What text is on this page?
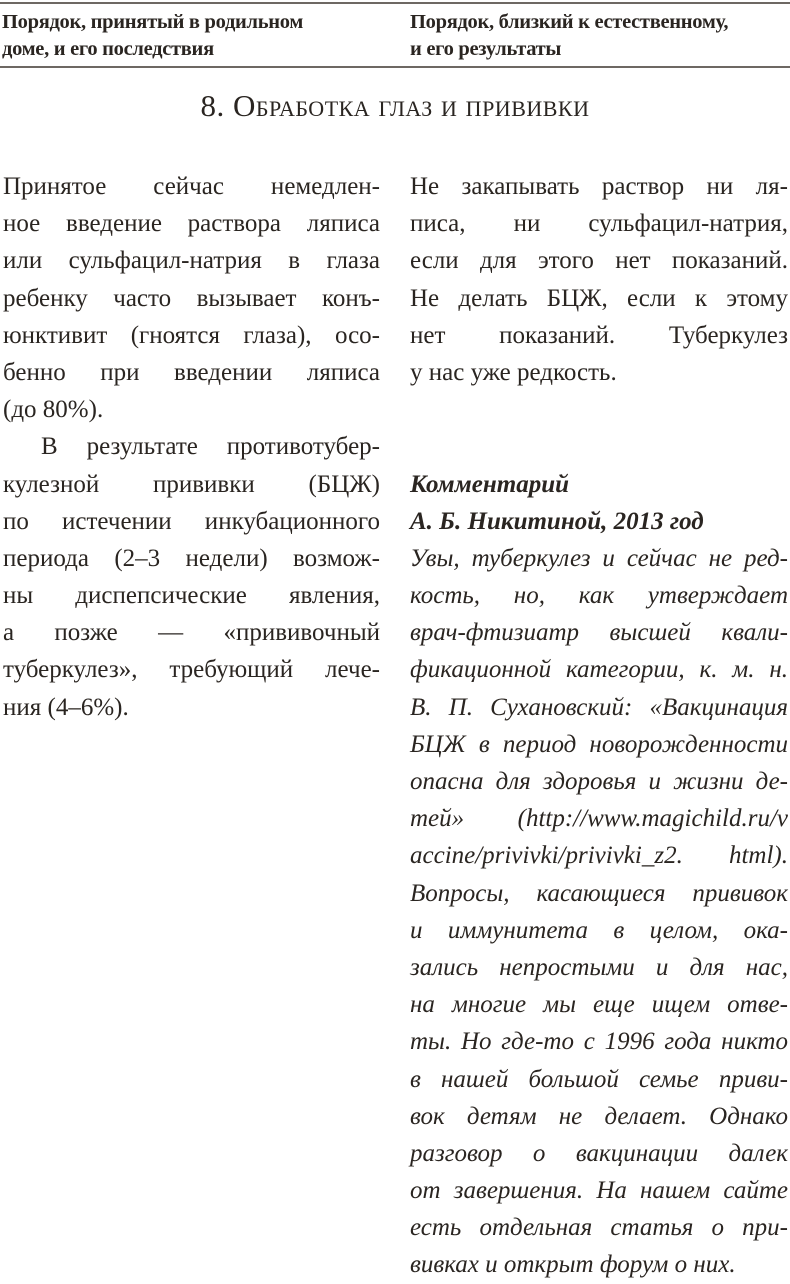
Порядок, принятый в родильном
доме, и его последствия
Порядок, близкий к естественному,
и его результаты
8. Обработка глаз и прививки
Принятое сейчас немедлен-
ное введение раствора ляписа
или сульфацил-натрия в глаза
ребенку часто вызывает конъ-
юнктивит (гноятся глаза), осо-
бенно при введении ляписа
(до 80%).
В результате противотубер-
кулезной прививки (БЦЖ)
по истечении инкубационного
периода (2–3 недели) возмож-
ны диспепсические явления,
а позже — «прививочный
туберкулез», требующий лече-
ния (4–6%).
Не закапывать раствор ни ля-
писа, ни сульфацил-натрия,
если для этого нет показаний.
Не делать БЦЖ, если к этому
нет показаний. Туберкулез
у нас уже редкость.
Комментарий
А. Б. Никитиной, 2013 год
Увы, туберкулез и сейчас не ред-
кость, но, как утверждает
врач-фтизиатр высшей квали-
фикационной категории, к. м. н.
В. П. Сухановский: «Вакцинация
БЦЖ в период новорожденности
опасна для здоровья и жизни де-
тей» (http://www.magichild.ru/v
accine/privivki/privivki_z2. html).
Вопросы, касающиеся прививок
и иммунитета в целом, ока-
зались непростыми и для нас,
на многие мы еще ищем отве-
ты. Но где-то с 1996 года никто
в нашей большой семье приви-
вок детям не делает. Однако
разговор о вакцинации далек
от завершения. На нашем сайте
есть отдельная статья о при-
вивках и открыт форум о них.
